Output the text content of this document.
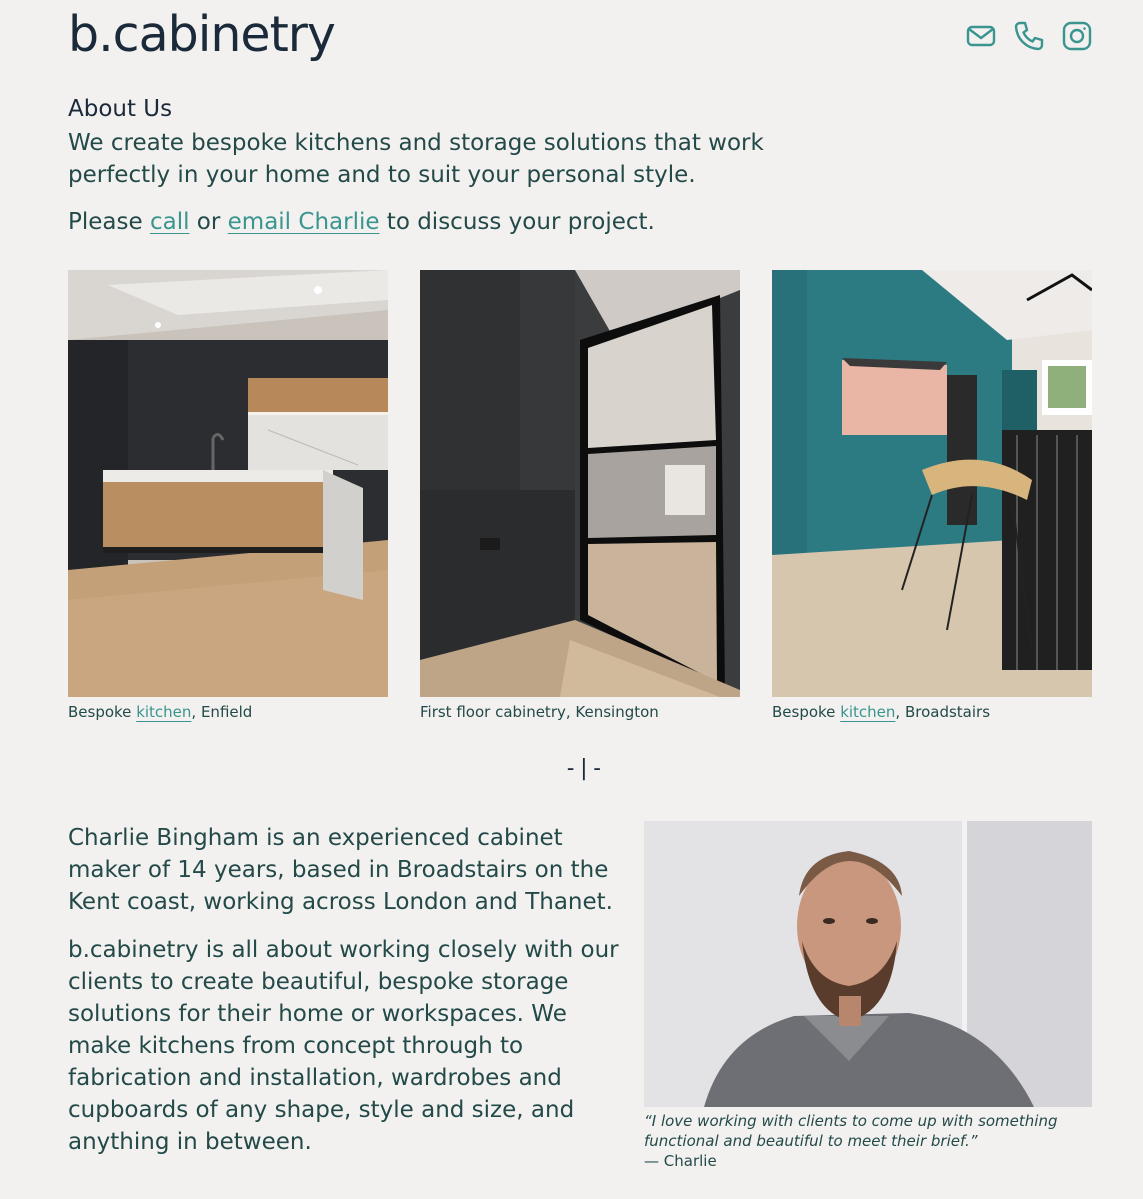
b.cabinetry
About Us

We create bespoke kitchens and storage solutions that work perfectly in your home and to suit your personal style.

Please call or email Charlie to discuss your project.

Bespoke kitchen, Enfield	First floor cabinetry, Kensington	Bespoke kitchen, Broadstairs
-|-

Charlie Bingham is an experienced cabinet maker of 14 years, based in Broadstairs on the Kent coast, working across London and Thanet.

b.cabinetry is all about working closely with our clients to create beautiful, bespoke storage solutions for their home or workspaces. We make kitchens from concept through to fabrication and installation, wardrobes and cupboards of any shape, style and size, and anything in between.

“I love working with clients to come up with something functional and beautiful to meet their brief.”

— Charlie
